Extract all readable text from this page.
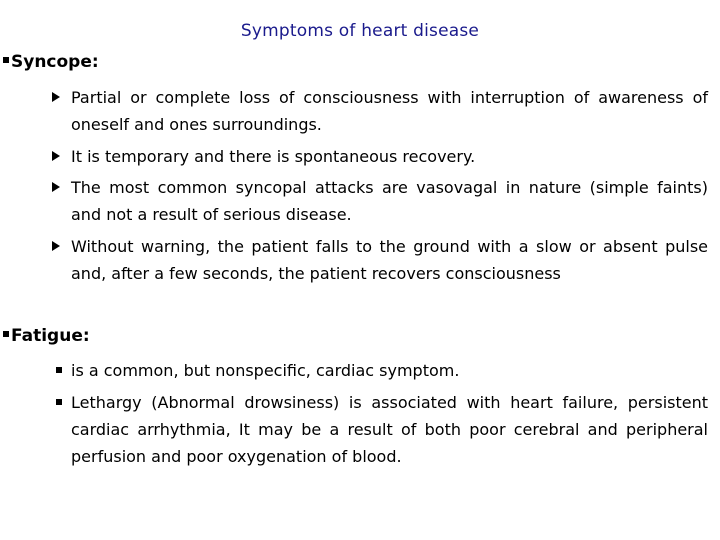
Symptoms of heart disease
Syncope:
Partial or complete loss of consciousness with interruption of awareness of oneself and ones surroundings.
It is temporary and there is spontaneous recovery.
The most common syncopal attacks are vasovagal in nature (simple faints) and not a result of serious disease.
Without warning, the patient falls to the ground with a slow or absent pulse and, after a few seconds, the patient recovers consciousness
Fatigue:
is a common, but nonspecific, cardiac symptom.
Lethargy (Abnormal drowsiness) is associated with heart failure, persistent cardiac arrhythmia, It may be a result of both poor cerebral and peripheral perfusion and poor oxygenation of blood.
